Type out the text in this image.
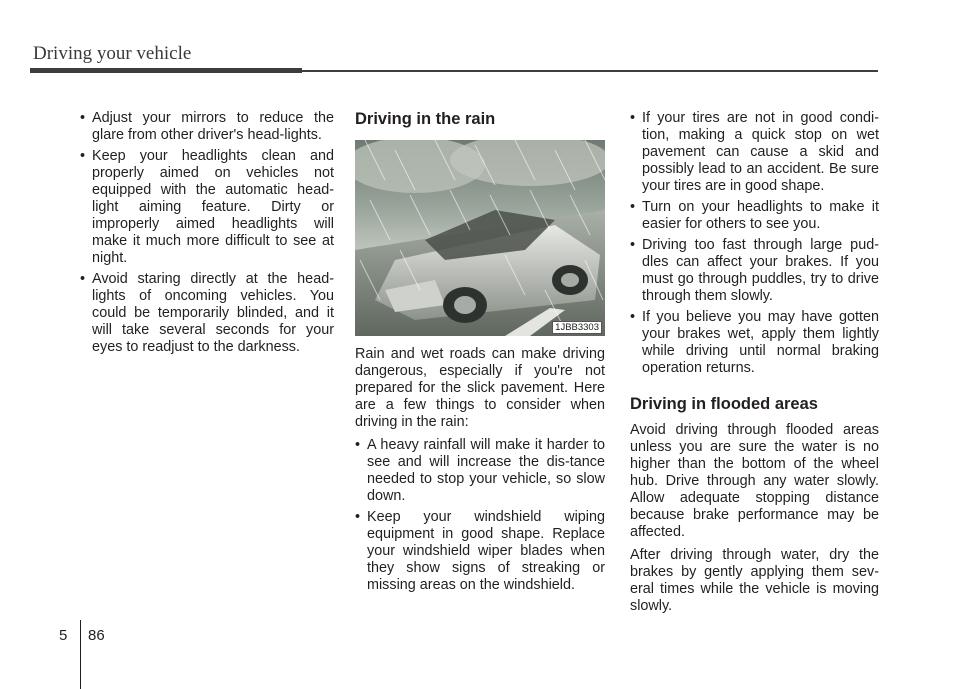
Driving your vehicle
• Adjust your mirrors to reduce the glare from other driver's head-lights.
• Keep your headlights clean and properly aimed on vehicles not equipped with the automatic head-light aiming feature. Dirty or improperly aimed headlights will make it much more difficult to see at night.
• Avoid staring directly at the head-lights of oncoming vehicles. You could be temporarily blinded, and it will take several seconds for your eyes to readjust to the darkness.
Driving in the rain
1JBB3303

Rain and wet roads can make driving dangerous, especially if you're not prepared for the slick pavement. Here are a few things to consider when driving in the rain:

• A heavy rainfall will make it harder to see and will increase the dis-tance needed to stop your vehicle, so slow down.
• Keep your windshield wiping equipment in good shape. Replace your windshield wiper blades when they show signs of streaking or missing areas on the windshield.
• If your tires are not in good condi-tion, making a quick stop on wet pavement can cause a skid and possibly lead to an accident. Be sure your tires are in good shape.
• Turn on your headlights to make it easier for others to see you.
• Driving too fast through large pud-dles can affect your brakes. If you must go through puddles, try to drive through them slowly.
• If you believe you may have gotten your brakes wet, apply them lightly while driving until normal braking operation returns.
Driving in flooded areas

Avoid driving through flooded areas unless you are sure the water is no higher than the bottom of the wheel hub. Drive through any water slowly. Allow adequate stopping distance because brake performance may be affected.

After driving through water, dry the brakes by gently applying them sev-eral times while the vehicle is moving slowly.

5 86
